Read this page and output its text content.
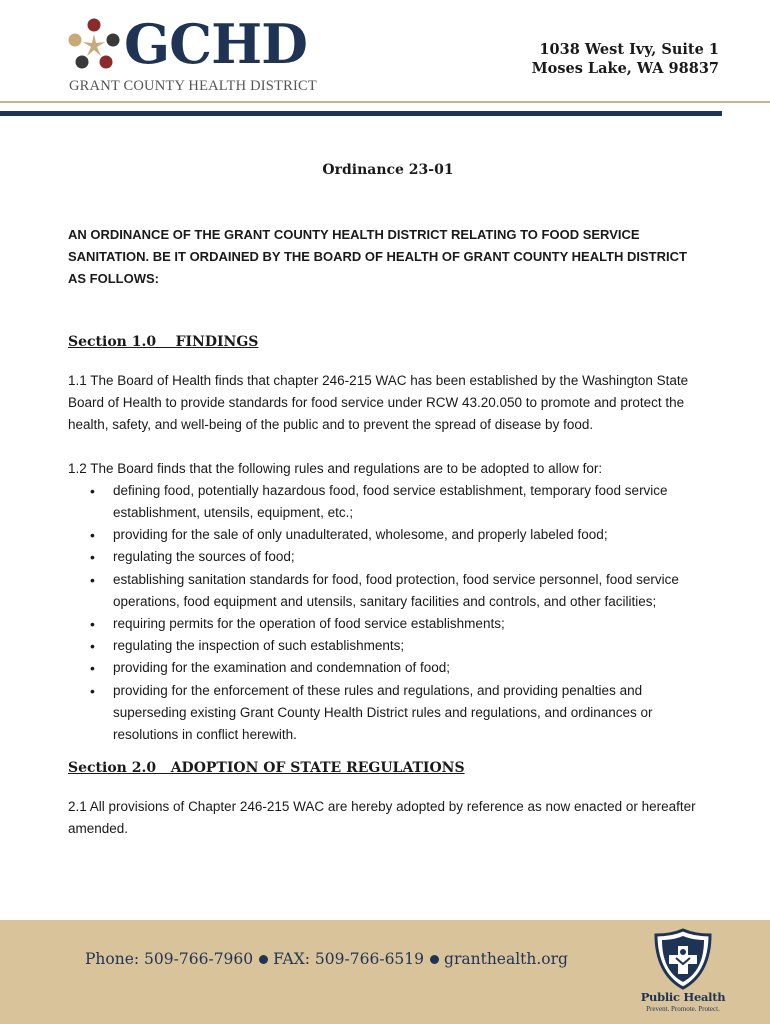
GCHD
GRANT COUNTY HEALTH DISTRICT
1038 West Ivy, Suite 1
Moses Lake, WA 98837
Ordinance 23-01
AN ORDINANCE OF THE GRANT COUNTY HEALTH DISTRICT RELATING TO FOOD SERVICE SANITATION. BE IT ORDAINED BY THE BOARD OF HEALTH OF GRANT COUNTY HEALTH DISTRICT AS FOLLOWS:
Section 1.0    FINDINGS

1.1 The Board of Health finds that chapter 246-215 WAC has been established by the Washington State Board of Health to provide standards for food service under RCW 43.20.050 to promote and protect the health, safety, and well-being of the public and to prevent the spread of disease by food.

1.2 The Board finds that the following rules and regulations are to be adopted to allow for:

• defining food, potentially hazardous food, food service establishment, temporary food service establishment, utensils, equipment, etc.;
• providing for the sale of only unadulterated, wholesome, and properly labeled food;
• regulating the sources of food;
• establishing sanitation standards for food, food protection, food service personnel, food service operations, food equipment and utensils, sanitary facilities and controls, and other facilities;
• requiring permits for the operation of food service establishments;
• regulating the inspection of such establishments;
• providing for the examination and condemnation of food;
• providing for the enforcement of these rules and regulations, and providing penalties and superseding existing Grant County Health District rules and regulations, and ordinances or resolutions in conflict herewith.
Section 2.0   ADOPTION OF STATE REGULATIONS

2.1 All provisions of Chapter 246-215 WAC are hereby adopted by reference as now enacted or hereafter amended.

Phone: 509-766-7960 FAX: 509-766-6519 granthealth.org
Public Health
Prevent. Promote. Protect.
